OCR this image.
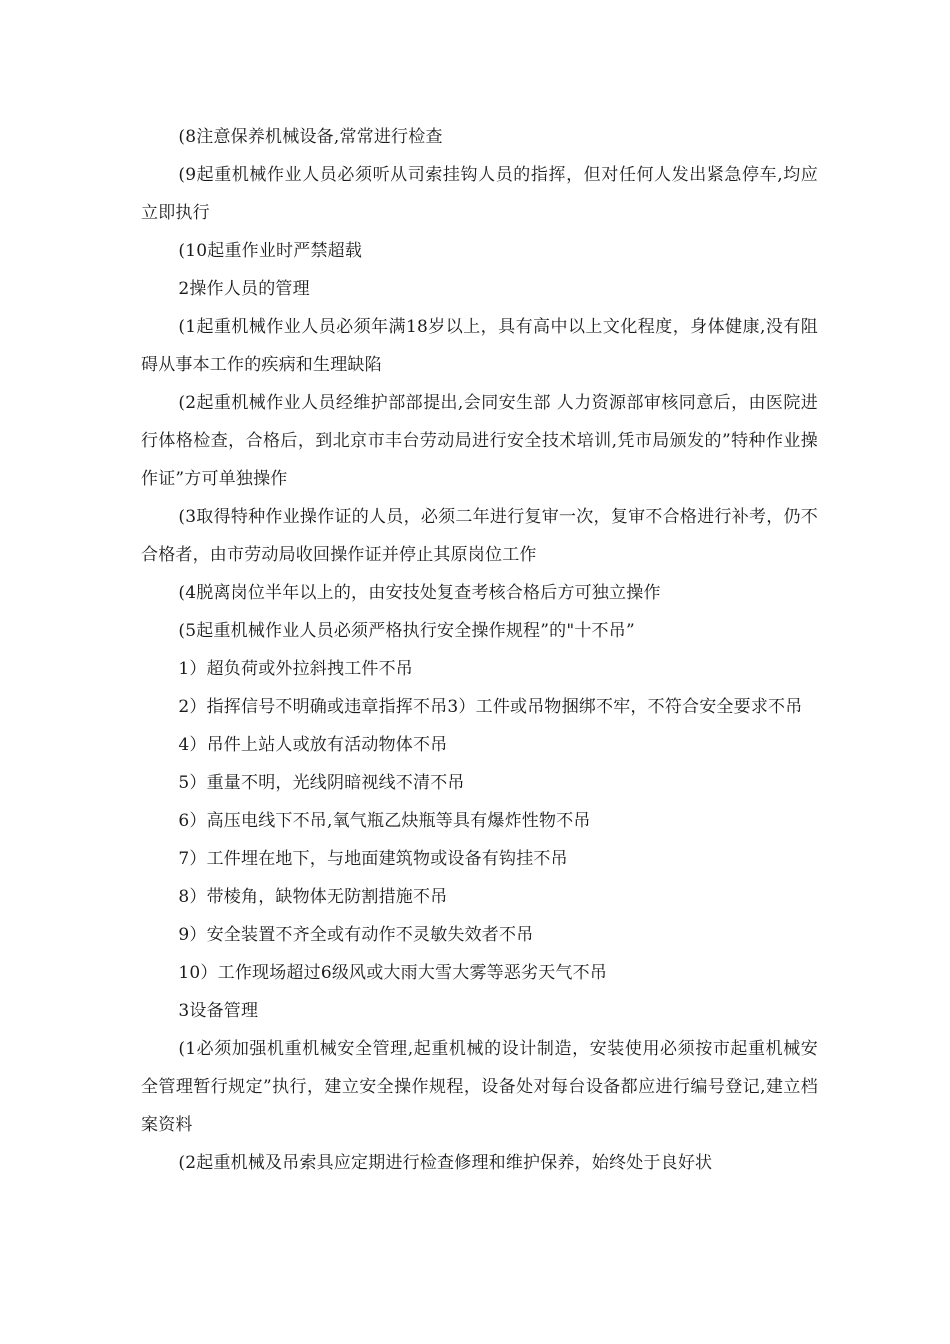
(8注意保养机械设备,常常进行检查

(9起重机械作业人员必须听从司索挂钩人员的指挥，但对任何人发出紧急停车,均应立即执行

(10起重作业时严禁超载

2操作人员的管理

(1起重机械作业人员必须年满18岁以上，具有高中以上文化程度，身体健康,没有阻碍从事本工作的疾病和生理缺陷

(2起重机械作业人员经维护部部提出,会同安生部 人力资源部审核同意后，由医院进行体格检查，合格后，到北京市丰台劳动局进行安全技术培训,凭市局颁发的”特种作业操作证”方可单独操作

(3取得特种作业操作证的人员，必须二年进行复审一次，复审不合格进行补考，仍不合格者，由市劳动局收回操作证并停止其原岗位工作

(4脱离岗位半年以上的，由安技处复查考核合格后方可独立操作

(5起重机械作业人员必须严格执行安全操作规程”的"十不吊”

1）超负荷或外拉斜拽工件不吊

2）指挥信号不明确或违章指挥不吊3）工件或吊物捆绑不牢，不符合安全要求不吊

4）吊件上站人或放有活动物体不吊

5）重量不明，光线阴暗视线不清不吊

6）高压电线下不吊,氧气瓶乙炔瓶等具有爆炸性物不吊

7）工件埋在地下，与地面建筑物或设备有钩挂不吊

8）带棱角，缺物体无防割措施不吊

9）安全装置不齐全或有动作不灵敏失效者不吊

10）工作现场超过6级风或大雨大雪大雾等恶劣天气不吊

3设备管理

(1必须加强机重机械安全管理,起重机械的设计制造，安装使用必须按市起重机械安全管理暂行规定”执行，建立安全操作规程，设备处对每台设备都应进行编号登记,建立档案资料

(2起重机械及吊索具应定期进行检查修理和维护保养，始终处于良好状
